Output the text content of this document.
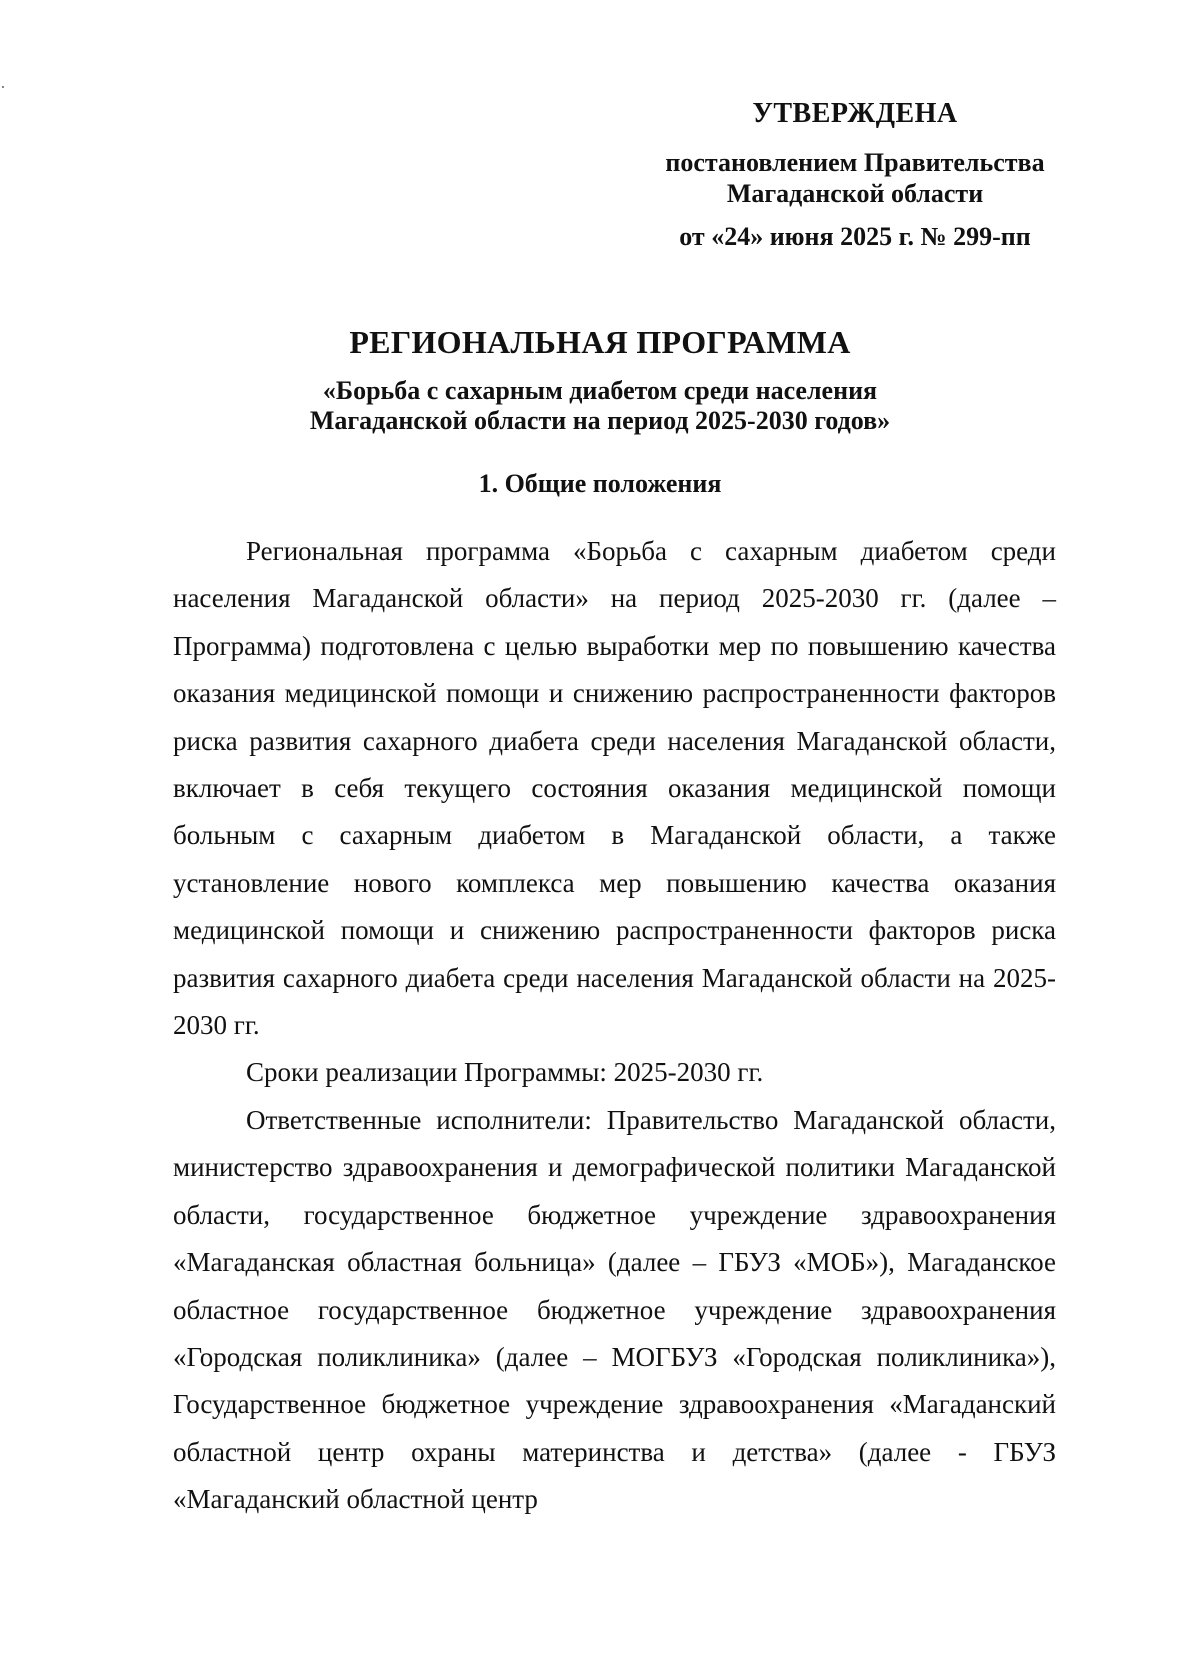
УТВЕРЖДЕНА
постановлением Правительства
Магаданской области
от «24» июня 2025 г. № 299-пп
РЕГИОНАЛЬНАЯ ПРОГРАММА
«Борьба с сахарным диабетом среди населения
Магаданской области на период 2025-2030 годов»
1. Общие положения

Региональная программа «Борьба с сахарным диабетом среди населения Магаданской области» на период 2025-2030 гг. (далее – Программа) подготовлена с целью выработки мер по повышению качества оказания медицинской помощи и снижению распространенности факторов риска развития сахарного диабета среди населения Магаданской области, включает в себя текущего состояния оказания медицинской помощи больным с сахарным диабетом в Магаданской области, а также установление нового комплекса мер повышению качества оказания медицинской помощи и снижению распространенности факторов риска развития сахарного диабета среди населения Магаданской области на 2025-2030 гг.

Сроки реализации Программы: 2025-2030 гг.

Ответственные исполнители: Правительство Магаданской области, министерство здравоохранения и демографической политики Магаданской области, государственное бюджетное учреждение здравоохранения «Магаданская областная больница» (далее – ГБУЗ «МОБ»), Магаданское областное государственное бюджетное учреждение здравоохранения «Городская поликлиника» (далее – МОГБУЗ «Городская поликлиника»), Государственное бюджетное учреждение здравоохранения «Магаданский областной центр охраны материнства и детства» (далее - ГБУЗ «Магаданский областной центр
